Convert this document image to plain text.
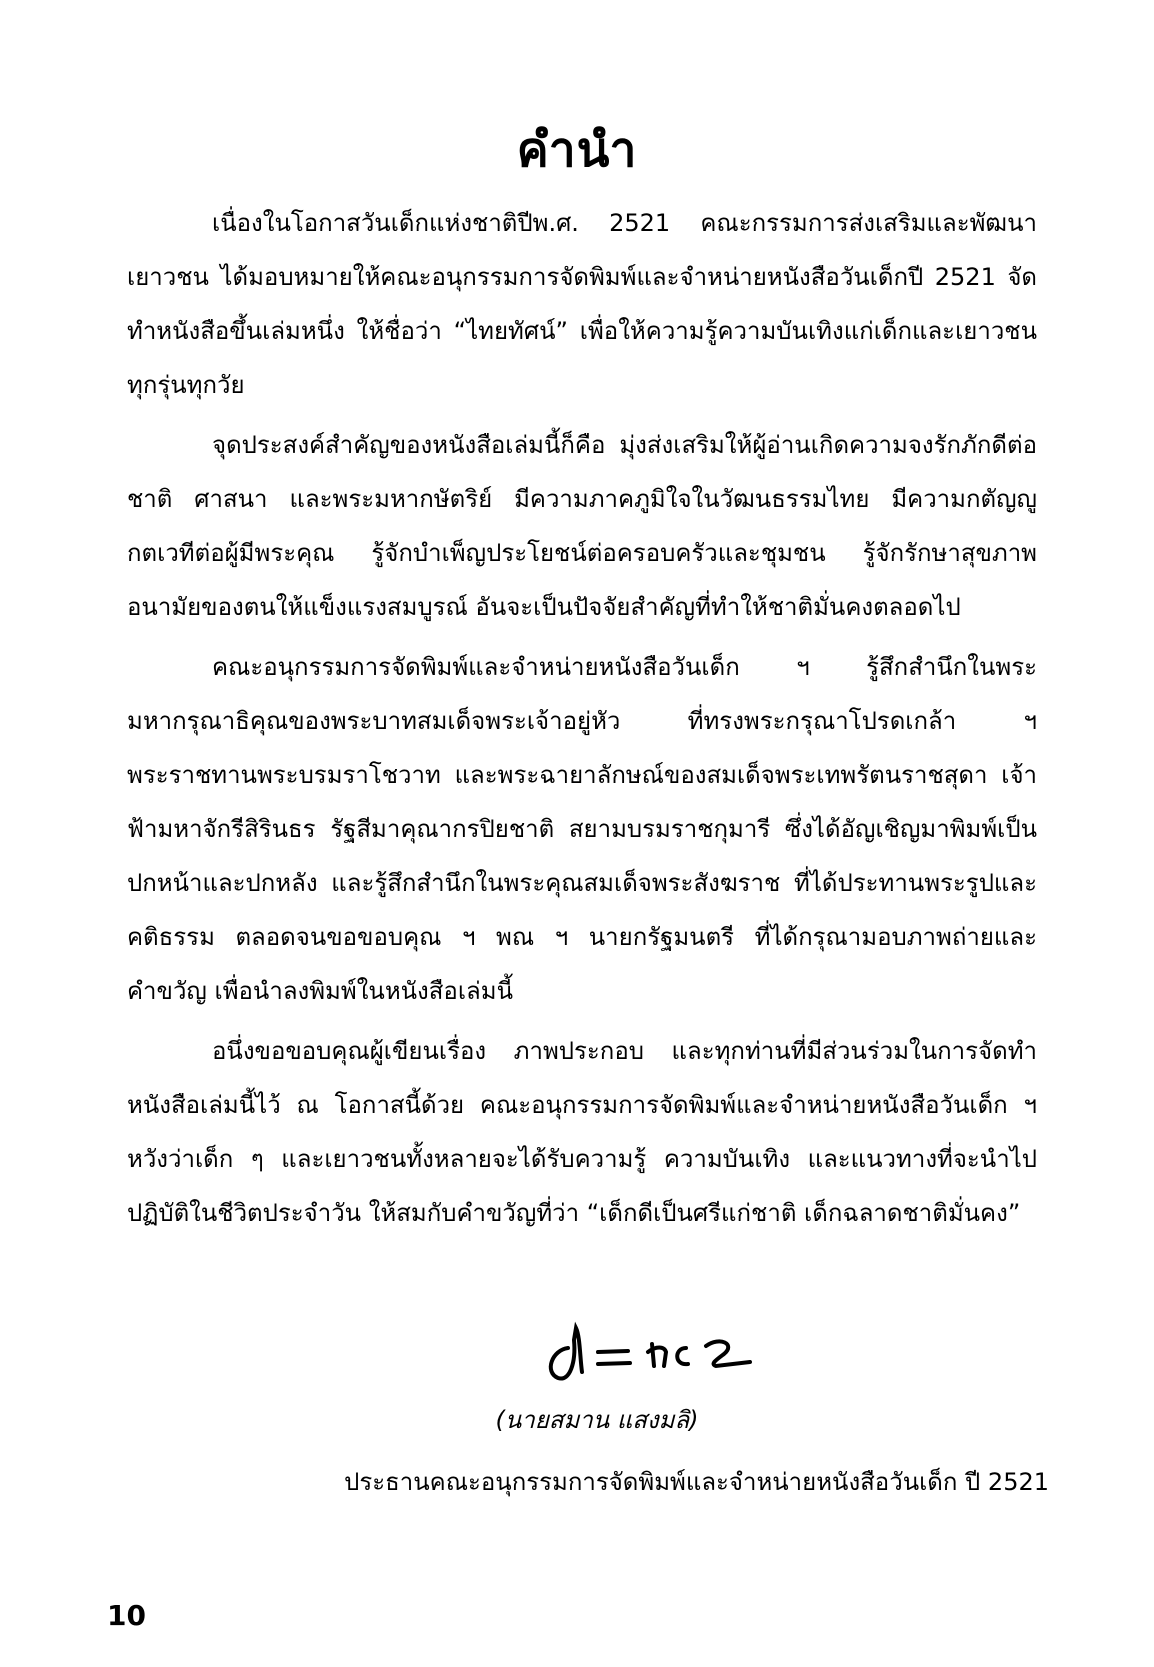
คำนำ

เนื่องในโอกาสวันเด็กแห่งชาติปีพ.ศ. 2521 คณะกรรมการส่งเสริมและพัฒนาเยาวชน ได้มอบหมายให้คณะอนุกรรมการจัดพิมพ์และจำหน่ายหนังสือวันเด็กปี 2521 จัดทำหนังสือขึ้นเล่มหนึ่ง ให้ชื่อว่า “ไทยทัศน์” เพื่อให้ความรู้ความบันเทิงแก่เด็กและเยาวชนทุกรุ่นทุกวัย

จุดประสงค์สำคัญของหนังสือเล่มนี้ก็คือ มุ่งส่งเสริมให้ผู้อ่านเกิดความจงรักภักดีต่อชาติ ศาสนา และพระมหากษัตริย์ มีความภาคภูมิใจในวัฒนธรรมไทย มีความกตัญญูกตเวทีต่อผู้มีพระคุณ รู้จักบำเพ็ญประโยชน์ต่อครอบครัวและชุมชน รู้จักรักษาสุขภาพอนามัยของตนให้แข็งแรงสมบูรณ์ อันจะเป็นปัจจัยสำคัญที่ทำให้ชาติมั่นคงตลอดไป

คณะอนุกรรมการจัดพิมพ์และจำหน่ายหนังสือวันเด็ก ฯ รู้สึกสำนึกในพระมหากรุณาธิคุณของพระบาทสมเด็จพระเจ้าอยู่หัว ที่ทรงพระกรุณาโปรดเกล้า ฯ พระราชทานพระบรมราโชวาท และพระฉายาลักษณ์ของสมเด็จพระเทพรัตนราชสุดา เจ้าฟ้ามหาจักรีสิรินธร รัฐสีมาคุณากรปิยชาติ สยามบรมราชกุมารี ซึ่งได้อัญเชิญมาพิมพ์เป็นปกหน้าและปกหลัง และรู้สึกสำนึกในพระคุณสมเด็จพระสังฆราช ที่ได้ประทานพระรูปและคติธรรม ตลอดจนขอขอบคุณ ฯ พณ ฯ นายกรัฐมนตรี ที่ได้กรุณามอบภาพถ่ายและคำขวัญ เพื่อนำลงพิมพ์ในหนังสือเล่มนี้

อนึ่งขอขอบคุณผู้เขียนเรื่อง ภาพประกอบ และทุกท่านที่มีส่วนร่วมในการจัดทำหนังสือเล่มนี้ไว้ ณ โอกาสนี้ด้วย คณะอนุกรรมการจัดพิมพ์และจำหน่ายหนังสือวันเด็ก ฯ หวังว่าเด็ก ๆ และเยาวชนทั้งหลายจะได้รับความรู้ ความบันเทิง และแนวทางที่จะนำไปปฏิบัติในชีวิตประจำวัน ให้สมกับคำขวัญที่ว่า “เด็กดีเป็นศรีแก่ชาติ เด็กฉลาดชาติมั่นคง”

(นายสมาน แสงมลิ)
ประธานคณะอนุกรรมการจัดพิมพ์และจำหน่ายหนังสือวันเด็ก ปี 2521
10
